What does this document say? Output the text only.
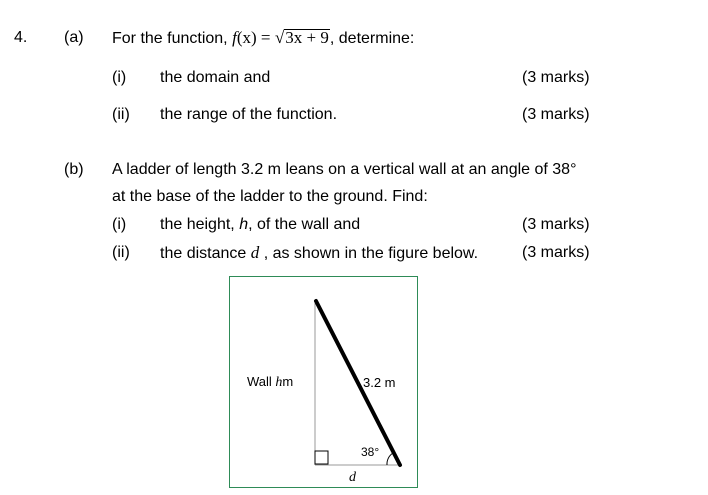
4. (a) For the function, f(x) = √3x + 9, determine:
(i) the domain and	(3 marks)
(ii) the range of the function.	(3 marks)
(b) A ladder of length 3.2 m leans on a vertical wall at an angle of 38°
at the base of the ladder to the ground. Find:
(i) the height, h, of the wall and	(3 marks)
(ii) the distance d , as shown in the figure below.	(3 marks)
Wall hm	3.2 m
38°
d
